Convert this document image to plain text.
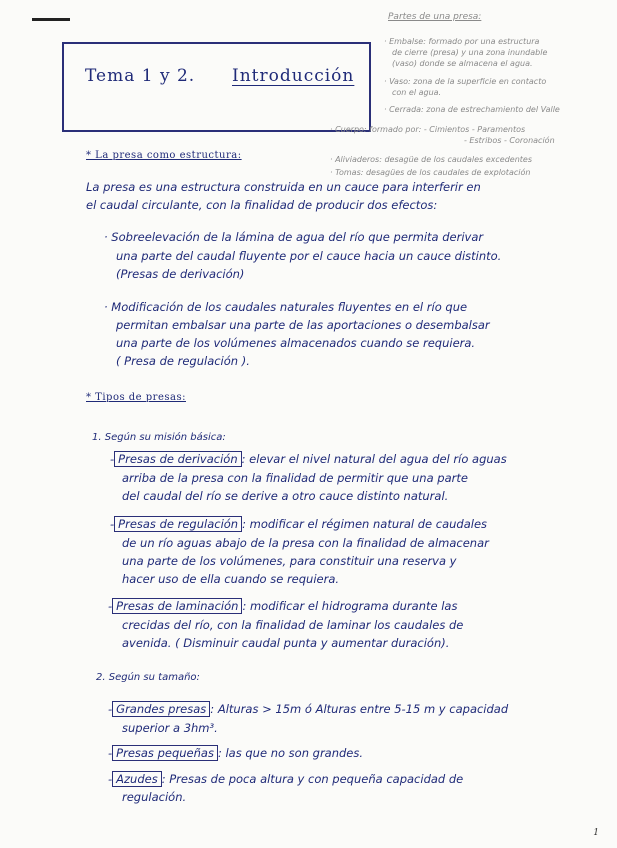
Tema 1 y 2. Introducción
Partes de una presa:
· Embalse: formado por una estructura
de cierre (presa) y una zona inundable
(vaso) donde se almacena el agua.
· Vaso: zona de la superficie en contacto
con el agua.
· Cerrada: zona de estrechamiento del Valle
· Cuerpo: formado por: - Cimientos - Paramentos
- Estribos - Coronación
· Aliviaderos: desagüe de los caudales excedentes
· Tomas: desagües de los caudales de explotación
* La presa como estructura:
La presa es una estructura construida en un cauce para interferir en
el caudal circulante, con la finalidad de producir dos efectos:
· Sobreelevación de la lámina de agua del río que permita derivar
una parte del caudal fluyente por el cauce hacia un cauce distinto.
(Presas de derivación)
· Modificación de los caudales naturales fluyentes en el río que
permitan embalsar una parte de las aportaciones o desembalsar
una parte de los volúmenes almacenados cuando se requiera.
( Presa de regulación ).
* Tipos de presas:
1. Según su misión básica:
- Presas de derivación : elevar el nivel natural del agua del río aguas
arriba de la presa con la finalidad de permitir que una parte
del caudal del río se derive a otro cauce distinto natural.
- Presas de regulación : modificar el régimen natural de caudales
de un río aguas abajo de la presa con la finalidad de almacenar
una parte de los volúmenes, para constituir una reserva y
hacer uso de ella cuando se requiera.
- Presas de laminación : modificar el hidrograma durante las
crecidas del río, con la finalidad de laminar los caudales de
avenida. ( Disminuir caudal punta y aumentar duración).
2. Según su tamaño:
- Grandes presas : Alturas > 15m ó Alturas entre 5-15 m y capacidad
superior a 3hm³.
- Presas pequeñas : las que no son grandes.
- Azudes : Presas de poca altura y con pequeña capacidad de
regulación.
1
